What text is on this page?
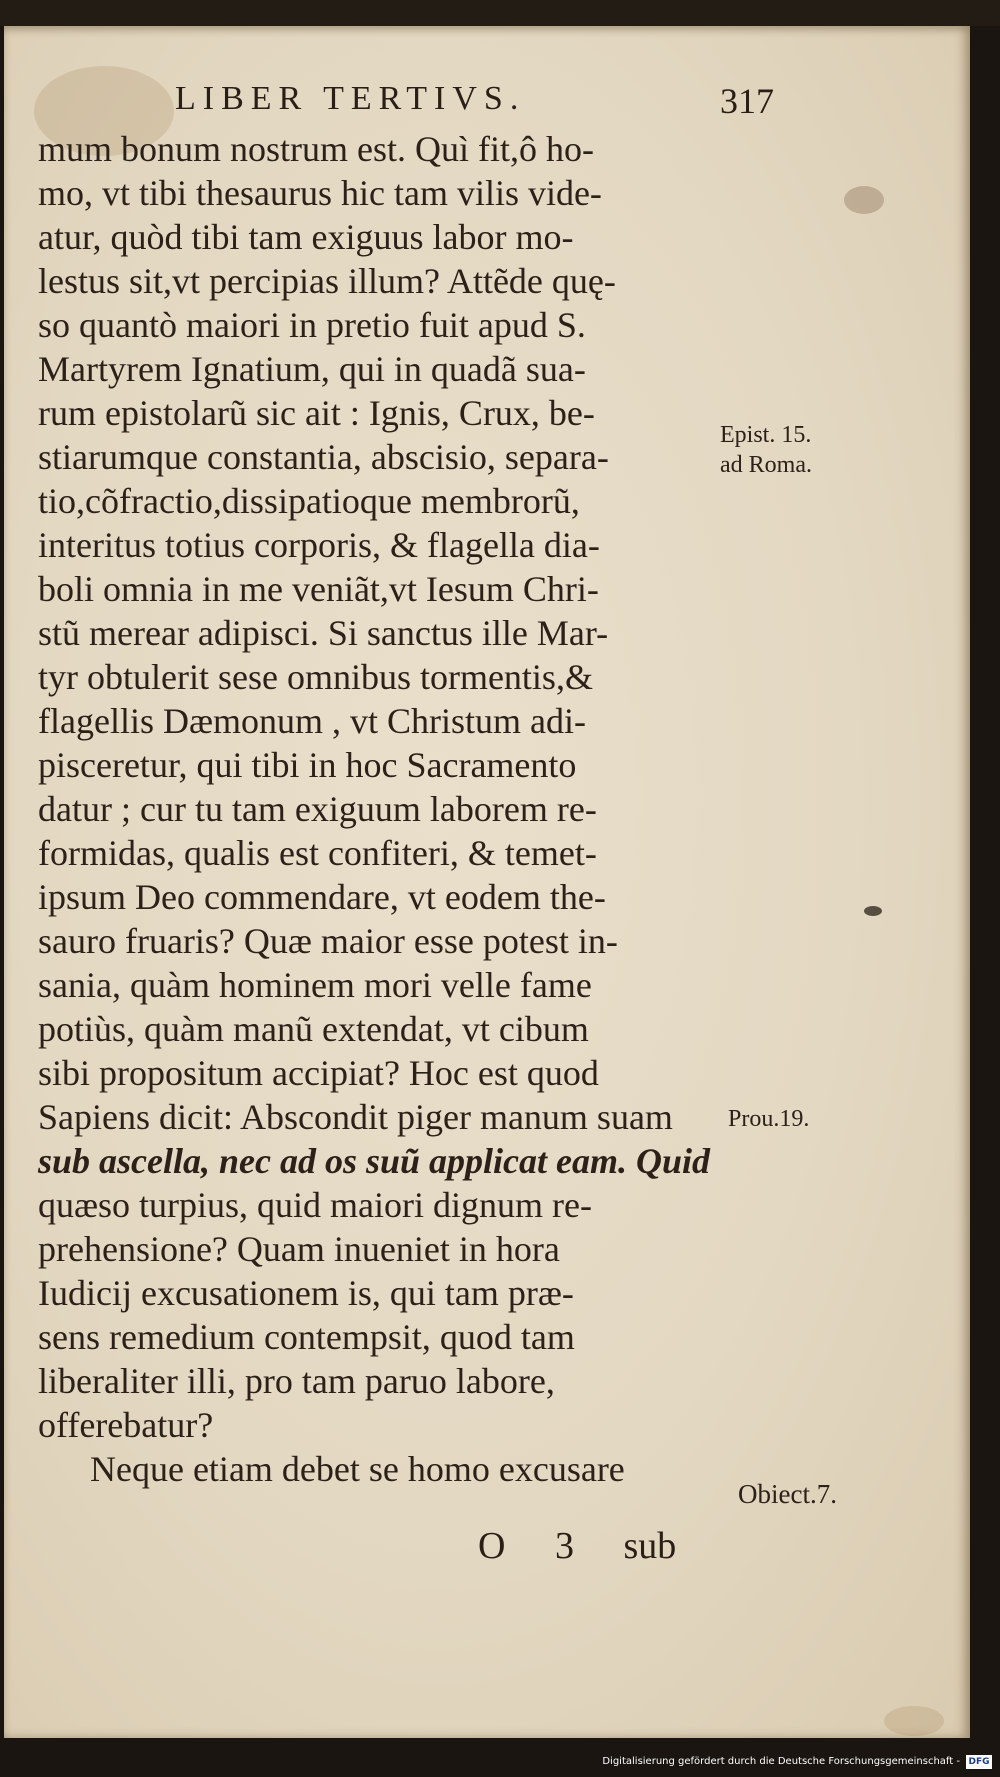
LIBER TERTIVS.	317
mum bonum nostrum est. Quì fit,ô ho-
mo, vt tibi thesaurus hic tam vilis vide-
atur, quòd tibi tam exiguus labor mo-
lestus sit,vt percipias illum? Attẽde quę-
so quantò maiori in pretio fuit apud S.
Martyrem Ignatium, qui in quadã sua-
rum epistolarũ sic ait : Ignis, Crux, be-
stiarumque constantia, abscisio, separa-
tio,cõfractio,dissipatioque membrorũ,
interitus totius corporis, & flagella dia-
boli omnia in me veniãt,vt Iesum Chri-
stũ merear adipisci. Si sanctus ille Mar-
tyr obtulerit sese omnibus tormentis,&
flagellis Dæmonum , vt Christum adi-
pisceretur, qui tibi in hoc Sacramento
datur ; cur tu tam exiguum laborem re-
formidas, qualis est confiteri, & temet-
ipsum Deo commendare, vt eodem the-
sauro fruaris? Quæ maior esse potest in-
sania, quàm hominem mori velle fame
potiùs, quàm manũ extendat, vt cibum
sibi propositum accipiat? Hoc est quod
Sapiens dicit: Abscondit piger manum suam
sub ascella, nec ad os suũ applicat eam. Quid
quæso turpius, quid maiori dignum re-
prehensione? Quam inueniet in hora
Iudicij excusationem is, qui tam præ-
sens remedium contempsit, quod tam
liberaliter illi, pro tam paruo labore,
offerebatur?
Neque etiam debet se homo excusare
Epist. 15.
ad Roma.
Prou.19.
Obiect.7.
O 3 sub
Digitalisierung gefördert durch die Deutsche Forschungsgemeinschaft - DFG
